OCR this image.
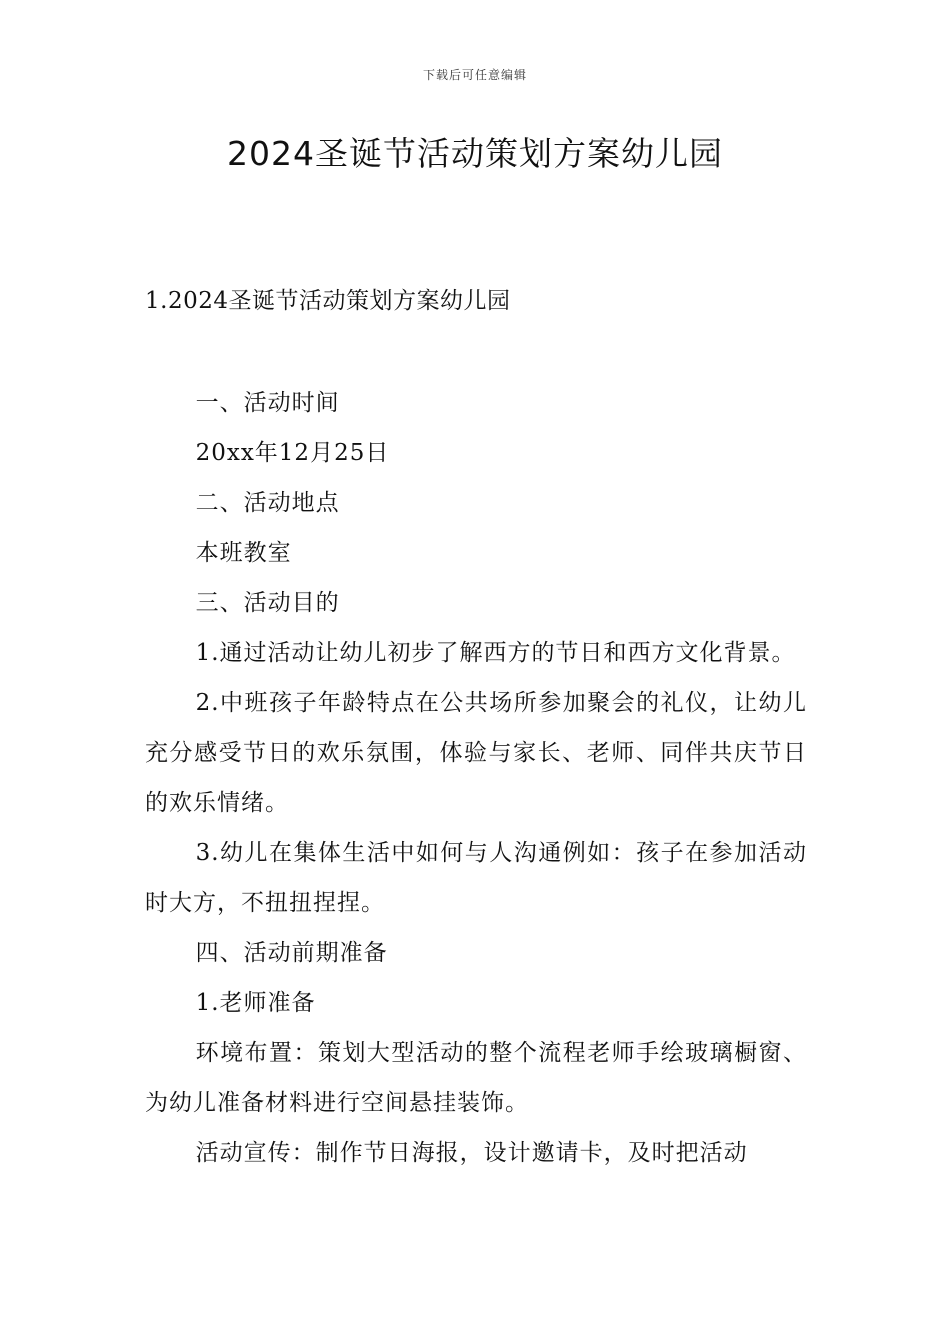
下载后可任意编辑
2024圣诞节活动策划方案幼儿园
1.2024圣诞节活动策划方案幼儿园

一、活动时间

20xx年12月25日

二、活动地点

本班教室

三、活动目的

1.通过活动让幼儿初步了解西方的节日和西方文化背景。

2.中班孩子年龄特点在公共场所参加聚会的礼仪，让幼儿充分感受节日的欢乐氛围，体验与家长、老师、同伴共庆节日的欢乐情绪。

3.幼儿在集体生活中如何与人沟通例如：孩子在参加活动时大方，不扭扭捏捏。

四、活动前期准备

1.老师准备

环境布置：策划大型活动的整个流程老师手绘玻璃橱窗、为幼儿准备材料进行空间悬挂装饰。

活动宣传：制作节日海报，设计邀请卡，及时把活动
